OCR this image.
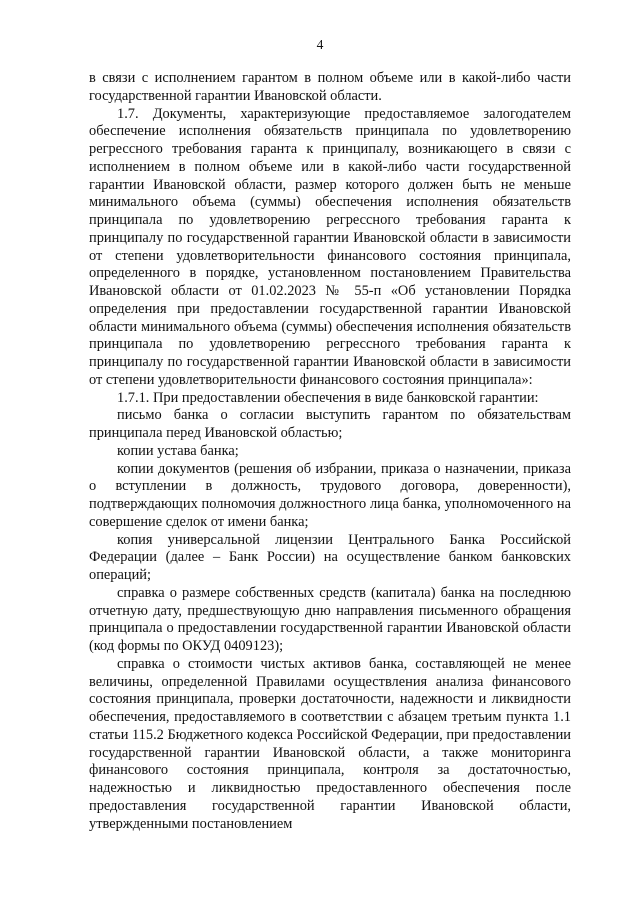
4

в связи с исполнением гарантом в полном объеме или в какой-либо части государственной гарантии Ивановской области.

1.7. Документы, характеризующие предоставляемое залогодателем обеспечение исполнения обязательств принципала по удовлетворению регрессного требования гаранта к принципалу, возникающего в связи с исполнением в полном объеме или в какой-либо части государственной гарантии Ивановской области, размер которого должен быть не меньше минимального объема (суммы) обеспечения исполнения обязательств принципала по удовлетворению регрессного требования гаранта к принципалу по государственной гарантии Ивановской области в зависимости от степени удовлетворительности финансового состояния принципала, определенного в порядке, установленном постановлением Правительства Ивановской области от 01.02.2023 № 55-п «Об установлении Порядка определения при предоставлении государственной гарантии Ивановской области минимального объема (суммы) обеспечения исполнения обязательств принципала по удовлетворению регрессного требования гаранта к принципалу по государственной гарантии Ивановской области в зависимости от степени удовлетворительности финансового состояния принципала»:

1.7.1. При предоставлении обеспечения в виде банковской гарантии:

письмо банка о согласии выступить гарантом по обязательствам принципала перед Ивановской областью;

копии устава банка;

копии документов (решения об избрании, приказа о назначении, приказа о вступлении в должность, трудового договора, доверенности), подтверждающих полномочия должностного лица банка, уполномоченного на совершение сделок от имени банка;

копия универсальной лицензии Центрального Банка Российской Федерации (далее – Банк России) на осуществление банком банковских операций;

справка о размере собственных средств (капитала) банка на последнюю отчетную дату, предшествующую дню направления письменного обращения принципала о предоставлении государственной гарантии Ивановской области (код формы по ОКУД 0409123);

справка о стоимости чистых активов банка, составляющей не менее величины, определенной Правилами осуществления анализа финансового состояния принципала, проверки достаточности, надежности и ликвидности обеспечения, предоставляемого в соответствии с абзацем третьим пункта 1.1 статьи 115.2 Бюджетного кодекса Российской Федерации, при предоставлении государственной гарантии Ивановской области, а также мониторинга финансового состояния принципала, контроля за достаточностью, надежностью и ликвидностью предоставленного обеспечения после предоставления государственной гарантии Ивановской области, утвержденными постановлением
